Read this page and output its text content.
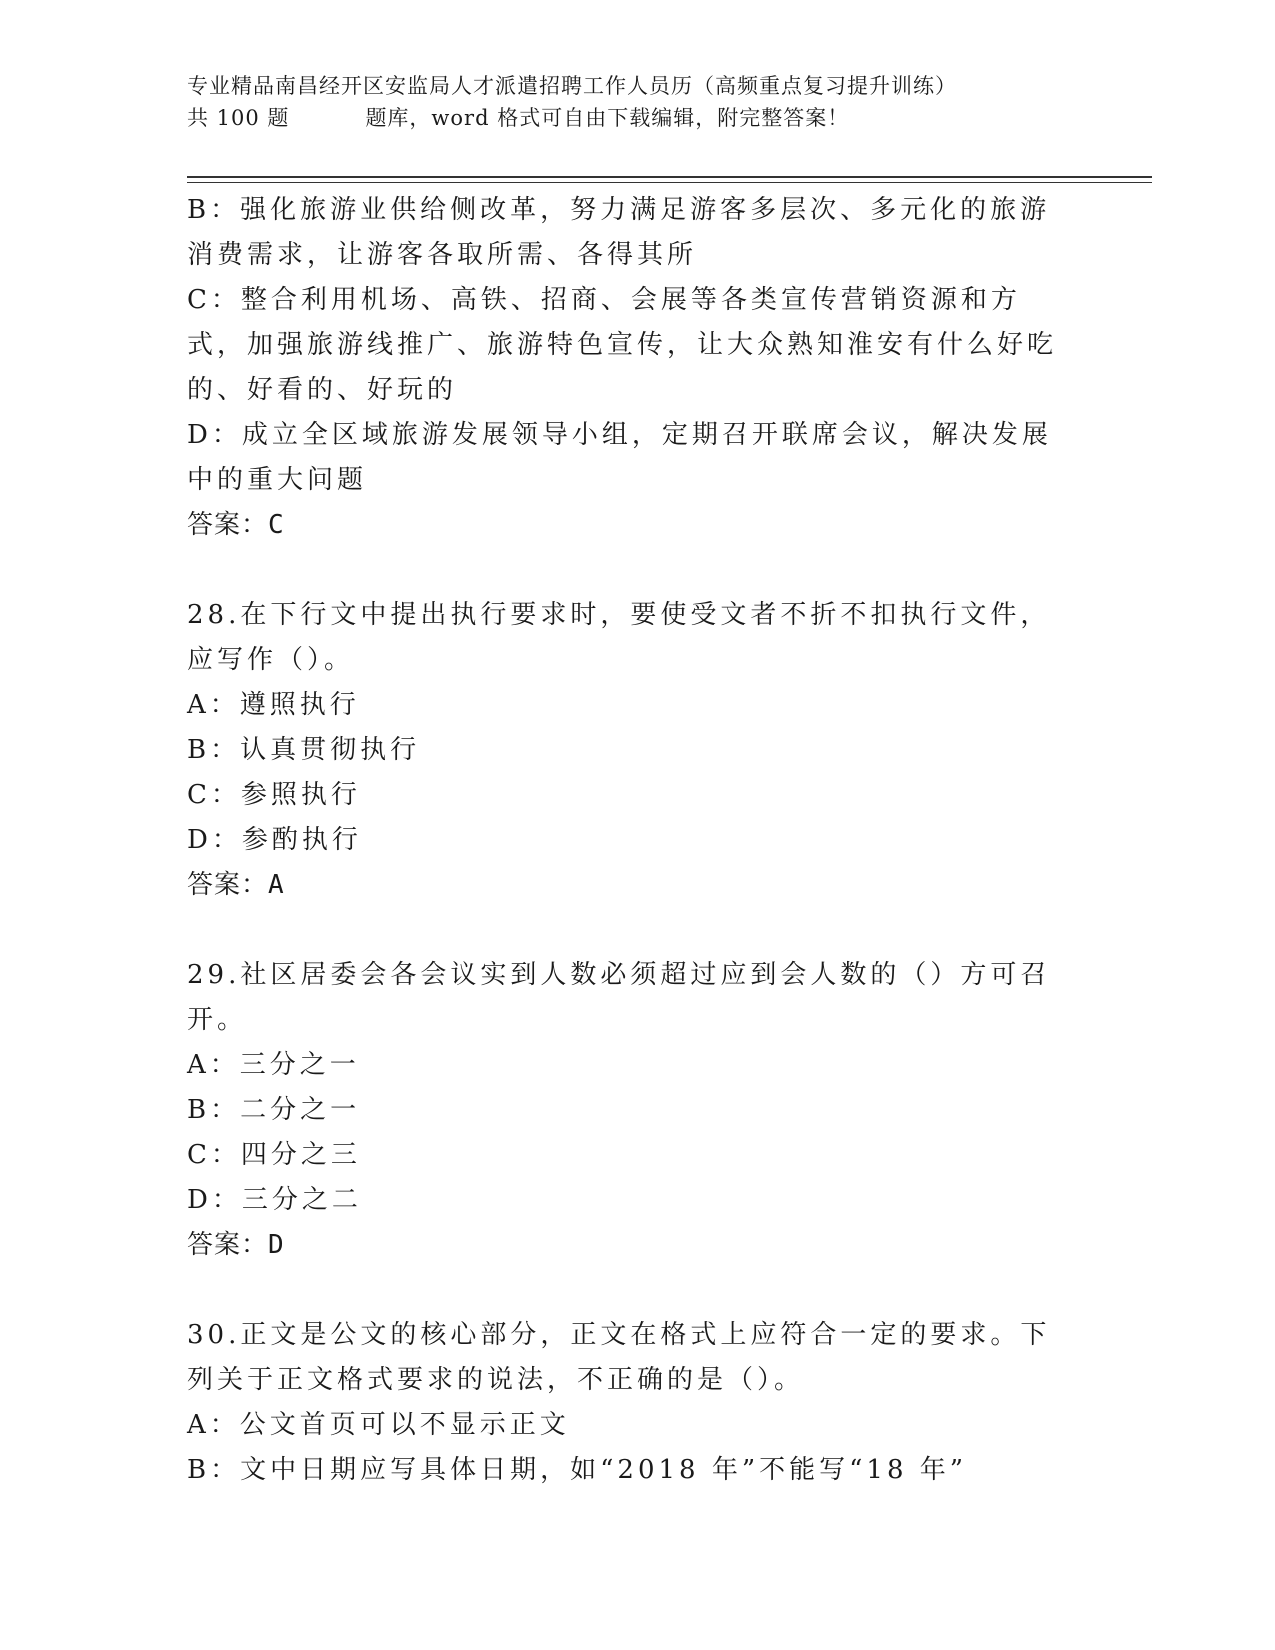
专业精品南昌经开区安监局人才派遣招聘工作人员历（高频重点复习提升训练）
共 100 题	题库，word 格式可自由下载编辑，附完整答案！

B：强化旅游业供给侧改革，努力满足游客多层次、多元化的旅游消费需求，让游客各取所需、各得其所

C：整合利用机场、高铁、招商、会展等各类宣传营销资源和方式，加强旅游线推广、旅游特色宣传，让大众熟知淮安有什么好吃的、好看的、好玩的

D：成立全区域旅游发展领导小组，定期召开联席会议，解决发展中的重大问题

答案：C

28.在下行文中提出执行要求时，要使受文者不折不扣执行文件，应写作（）。

A：遵照执行

B：认真贯彻执行

C：参照执行

D：参酌执行

答案：A

29.社区居委会各会议实到人数必须超过应到会人数的（）方可召开。

A：三分之一

B：二分之一

C：四分之三

D：三分之二

答案：D

30.正文是公文的核心部分，正文在格式上应符合一定的要求。下列关于正文格式要求的说法，不正确的是（）。

A：公文首页可以不显示正文

B：文中日期应写具体日期，如“2018 年”不能写“18 年”
